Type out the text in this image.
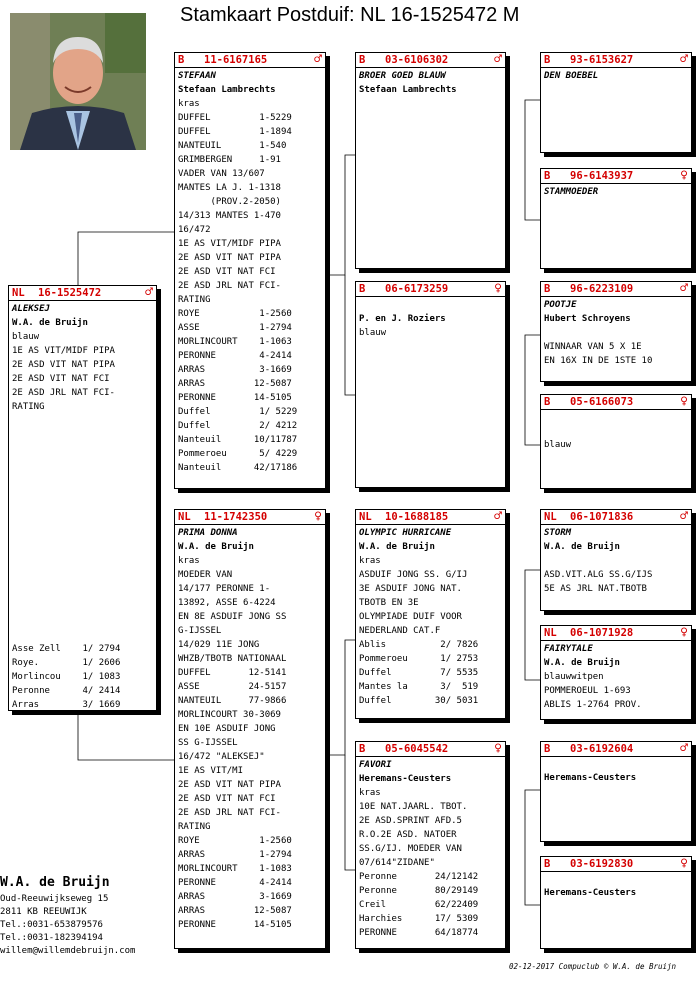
Stamkaart Postduif: NL 16-1525472 M
NL	16-1525472	♂
ALEKSEJ
W.A. de Bruijn
blauw
1E AS VIT/MIDF PIPA
2E ASD VIT NAT PIPA
2E ASD VIT NAT FCI
2E ASD JRL NAT FCI-
RATING
Asse Zell    1/ 2794
Roye.        1/ 2606
Morlincou    1/ 1083
Peronne      4/ 2414
Arras        3/ 1669
B	11-6167165	♂
STEFAAN
Stefaan Lambrechts
kras
DUFFEL         1-5229
DUFFEL         1-1894
NANTEUIL       1-540
GRIMBERGEN     1-91
VADER VAN 13/607
MANTES LA J. 1-1318
(PROV.2-2050)
14/313 MANTES 1-470
16/472
1E AS VIT/MIDF PIPA
2E ASD VIT NAT PIPA
2E ASD VIT NAT FCI
2E ASD JRL NAT FCI-
RATING
ROYE           1-2560
ASSE           1-2794
MORLINCOURT    1-1063
PERONNE        4-2414
ARRAS          3-1669
ARRAS         12-5087
PERONNE       14-5105
Duffel         1/ 5229
Duffel         2/ 4212
Nanteuil      10/11787
Pommeroeu      5/ 4229
Nanteuil      42/17186
NL	11-1742350	♀
PRIMA DONNA
W.A. de Bruijn
kras
MOEDER VAN
14/177 PERONNE 1-
13892, ASSE 6-4224
EN 8E ASDUIF JONG SS
G-IJSSEL
14/029 11E JONG
WHZB/TBOTB NATIONAAL
DUFFEL       12-5141
ASSE         24-5157
NANTEUIL     77-9866
MORLINCOURT 30-3069
EN 10E ASDUIF JONG
SS G-IJSSEL
16/472 "ALEKSEJ"
1E AS VIT/MI
2E ASD VIT NAT PIPA
2E ASD VIT NAT FCI
2E ASD JRL NAT FCI-
RATING
ROYE           1-2560
ARRAS          1-2794
MORLINCOURT    1-1083
PERONNE        4-2414
ARRAS          3-1669
ARRAS         12-5087
PERONNE       14-5105
B	03-6106302	♂
BROER GOED BLAUW
Stefaan Lambrechts
B	06-6173259	♀

P. en J. Roziers
blauw
NL	10-1688185	♂
OLYMPIC HURRICANE
W.A. de Bruijn
kras
ASDUIF JONG SS. G/IJ
3E ASDUIF JONG NAT.
TBOTB EN 3E
OLYMPIADE DUIF VOOR
NEDERLAND CAT.F
Ablis          2/ 7826
Pommeroeu      1/ 2753
Duffel         7/ 5535
Mantes la      3/  519
Duffel        30/ 5031
B	05-6045542	♀
FAVORI
Heremans-Ceusters
kras
10E NAT.JAARL. TBOT.
2E ASD.SPRINT AFD.5
R.O.2E ASD. NATOER
SS.G/IJ. MOEDER VAN
07/614"ZIDANE"
Peronne       24/12142
Peronne       80/29149
Creil         62/22409
Harchies      17/ 5309
PERONNE       64/18774
B	93-6153627	♂
DEN BOEBEL
B	96-6143937	♀
STAMMOEDER
B	96-6223109	♂
POOTJE
Hubert Schroyens

WINNAAR VAN 5 X 1E
EN 16X IN DE 1STE 10
B	05-6166073	♀

blauw
NL	06-1071836	♂
STORM
W.A. de Bruijn

ASD.VIT.ALG SS.G/IJS
5E AS JRL NAT.TBOTB
NL	06-1071928	♀
FAIRYTALE
W.A. de Bruijn
blauwwitpen
POMMEROEUL 1-693
ABLIS 1-2764 PROV.
B	03-6192604	♂

Heremans-Ceusters
B	03-6192830	♀

Heremans-Ceusters
W.A. de Bruijn
Oud-Reeuwijkseweg 15
2811 KB REEUWIJK
Tel.:0031-653879576
Tel.:0031-182394194
willem@willemdebruijn.com
02-12-2017 Compuclub © W.A. de Bruijn
